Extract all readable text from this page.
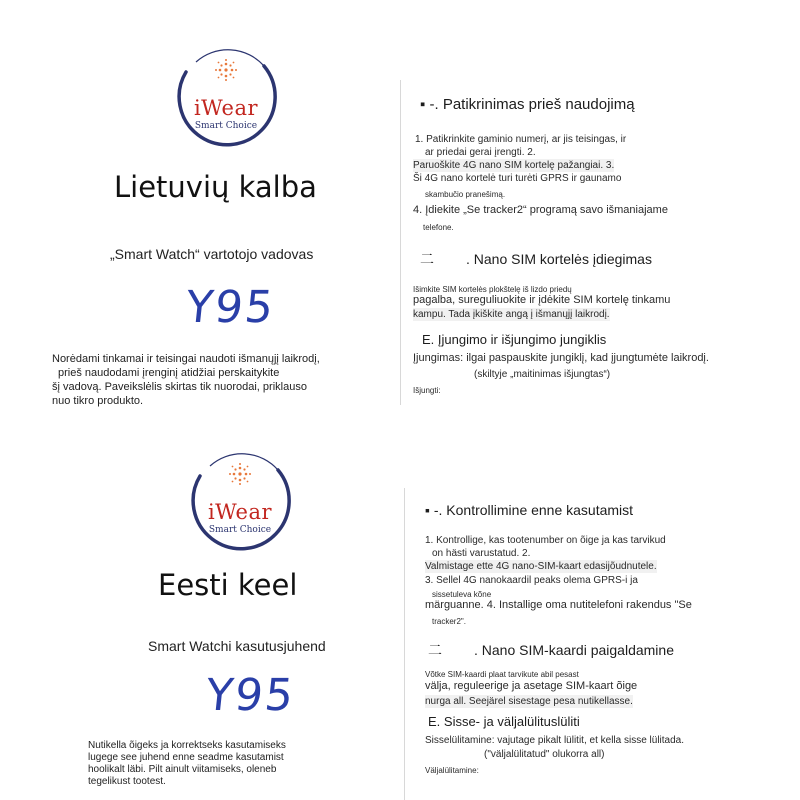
iWear
Smart Choice
Lietuvių kalba
„Smart Watch“ vartotojo vadovas
Y95
Norėdami tinkamai ir teisingai naudoti išmanųjį laikrodį,
prieš naudodami įrenginį atidžiai perskaitykite
šį vadovą. Paveikslėlis skirtas tik nuorodai, priklauso
nuo tikro produkto.
▪ -. Patikrinimas prieš naudojimą
1. Patikrinkite gaminio numerį, ar jis teisingas, ir
ar priedai gerai įrengti. 2.
Paruoškite 4G nano SIM kortelę pažangiai. 3.
Ši 4G nano kortelė turi turėti GPRS ir gaunamo
skambučio pranešimą.
4. Įdiekite „Se tracker2“ programą savo išmaniajame
telefone.
二. Nano SIM kortelės įdiegimas
Išimkite SIM kortelės plokštelę iš lizdo priedų
pagalba, sureguliuokite ir įdėkite SIM kortelę tinkamu
kampu. Tada įkiškite angą į išmanųjį laikrodį.
E. Įjungimo ir išjungimo jungiklis
Įjungimas: ilgai paspauskite jungiklį, kad įjungtumėte laikrodį.
(skiltyje „maitinimas išjungtas“)
Išjungti:
iWear
Smart Choice
Eesti keel
Smart Watchi kasutusjuhend
Y95
Nutikella õigeks ja korrektseks kasutamiseks
lugege see juhend enne seadme kasutamist
hoolikalt läbi. Pilt ainult viitamiseks, oleneb
tegelikust tootest.
▪ -. Kontrollimine enne kasutamist
1. Kontrollige, kas tootenumber on õige ja kas tarvikud
on hästi varustatud. 2.
Valmistage ette 4G nano-SIM-kaart edasijõudnutele.
3. Sellel 4G nanokaardil peaks olema GPRS-i ja
sissetuleva kõne
märguanne. 4. Installige oma nutitelefoni rakendus "Se
tracker2".
二. Nano SIM-kaardi paigaldamine
Võtke SIM-kaardi plaat tarvikute abil pesast
välja, reguleerige ja asetage SIM-kaart õige
nurga all. Seejärel sisestage pesa nutikellasse.
E. Sisse- ja väljalülituslüliti
Sisselülitamine: vajutage pikalt lülitit, et kella sisse lülitada.
("väljalülitatud" olukorra all)
Väljalülitamine:
